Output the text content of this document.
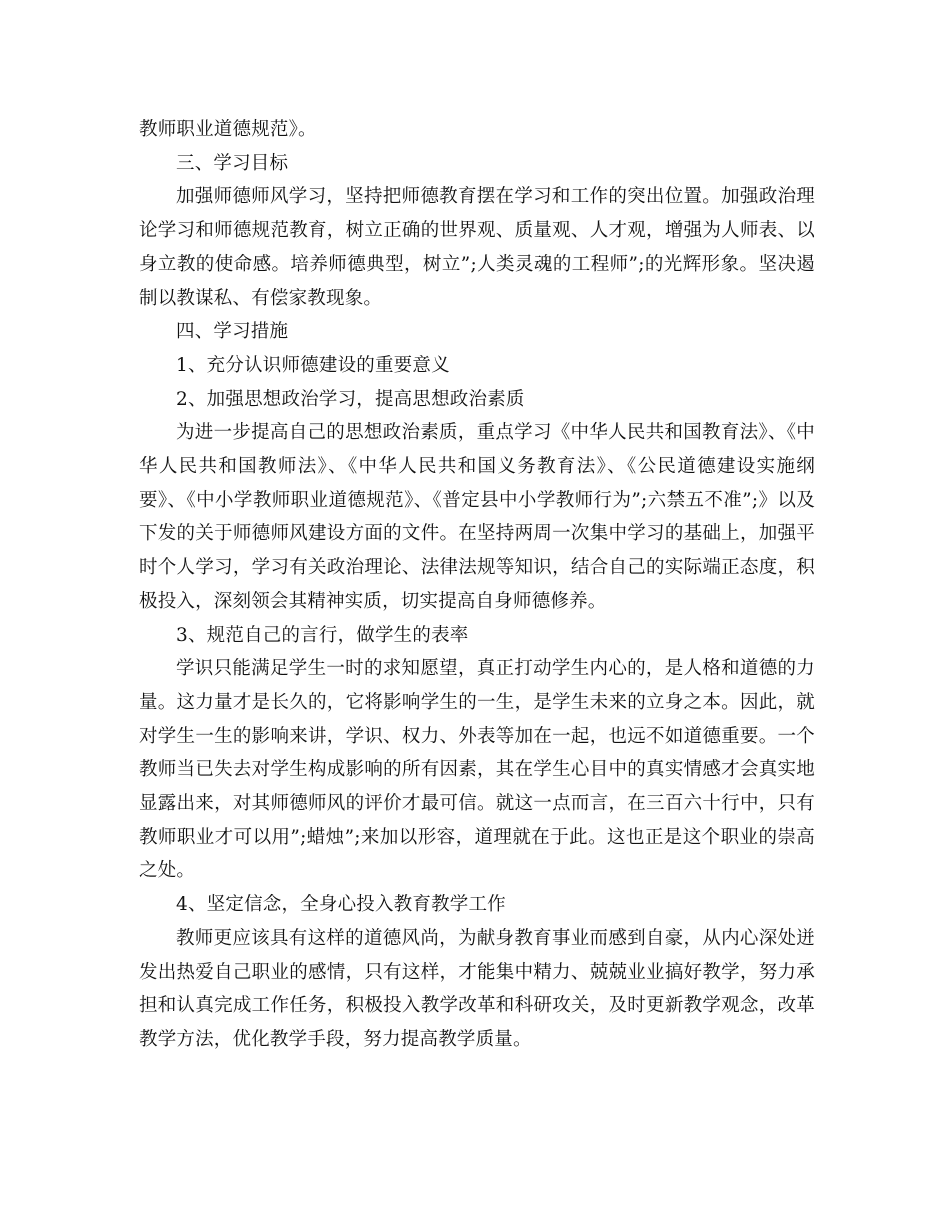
教师职业道德规范》。

三、学习目标

加强师德师风学习，坚持把师德教育摆在学习和工作的突出位置。加强政治理论学习和师德规范教育，树立正确的世界观、质量观、人才观，增强为人师表、以身立教的使命感。培养师德典型，树立”;人类灵魂的工程师”;的光辉形象。坚决遏制以教谋私、有偿家教现象。

四、学习措施

1、充分认识师德建设的重要意义

2、加强思想政治学习，提高思想政治素质

为进一步提高自己的思想政治素质，重点学习《中华人民共和国教育法》、《中华人民共和国教师法》、《中华人民共和国义务教育法》、《公民道德建设实施纲要》、《中小学教师职业道德规范》、《普定县中小学教师行为”;六禁五不准”;》以及下发的关于师德师风建设方面的文件。在坚持两周一次集中学习的基础上，加强平时个人学习，学习有关政治理论、法律法规等知识，结合自己的实际端正态度，积极投入，深刻领会其精神实质，切实提高自身师德修养。

3、规范自己的言行，做学生的表率

学识只能满足学生一时的求知愿望，真正打动学生内心的，是人格和道德的力量。这力量才是长久的，它将影响学生的一生，是学生未来的立身之本。因此，就对学生一生的影响来讲，学识、权力、外表等加在一起，也远不如道德重要。一个教师当已失去对学生构成影响的所有因素，其在学生心目中的真实情感才会真实地显露出来，对其师德师风的评价才最可信。就这一点而言，在三百六十行中，只有教师职业才可以用”;蜡烛”;来加以形容，道理就在于此。这也正是这个职业的崇高之处。

4、坚定信念，全身心投入教育教学工作

教师更应该具有这样的道德风尚，为献身教育事业而感到自豪，从内心深处迸发出热爱自己职业的感情，只有这样，才能集中精力、兢兢业业搞好教学，努力承担和认真完成工作任务，积极投入教学改革和科研攻关，及时更新教学观念，改革教学方法，优化教学手段，努力提高教学质量。
